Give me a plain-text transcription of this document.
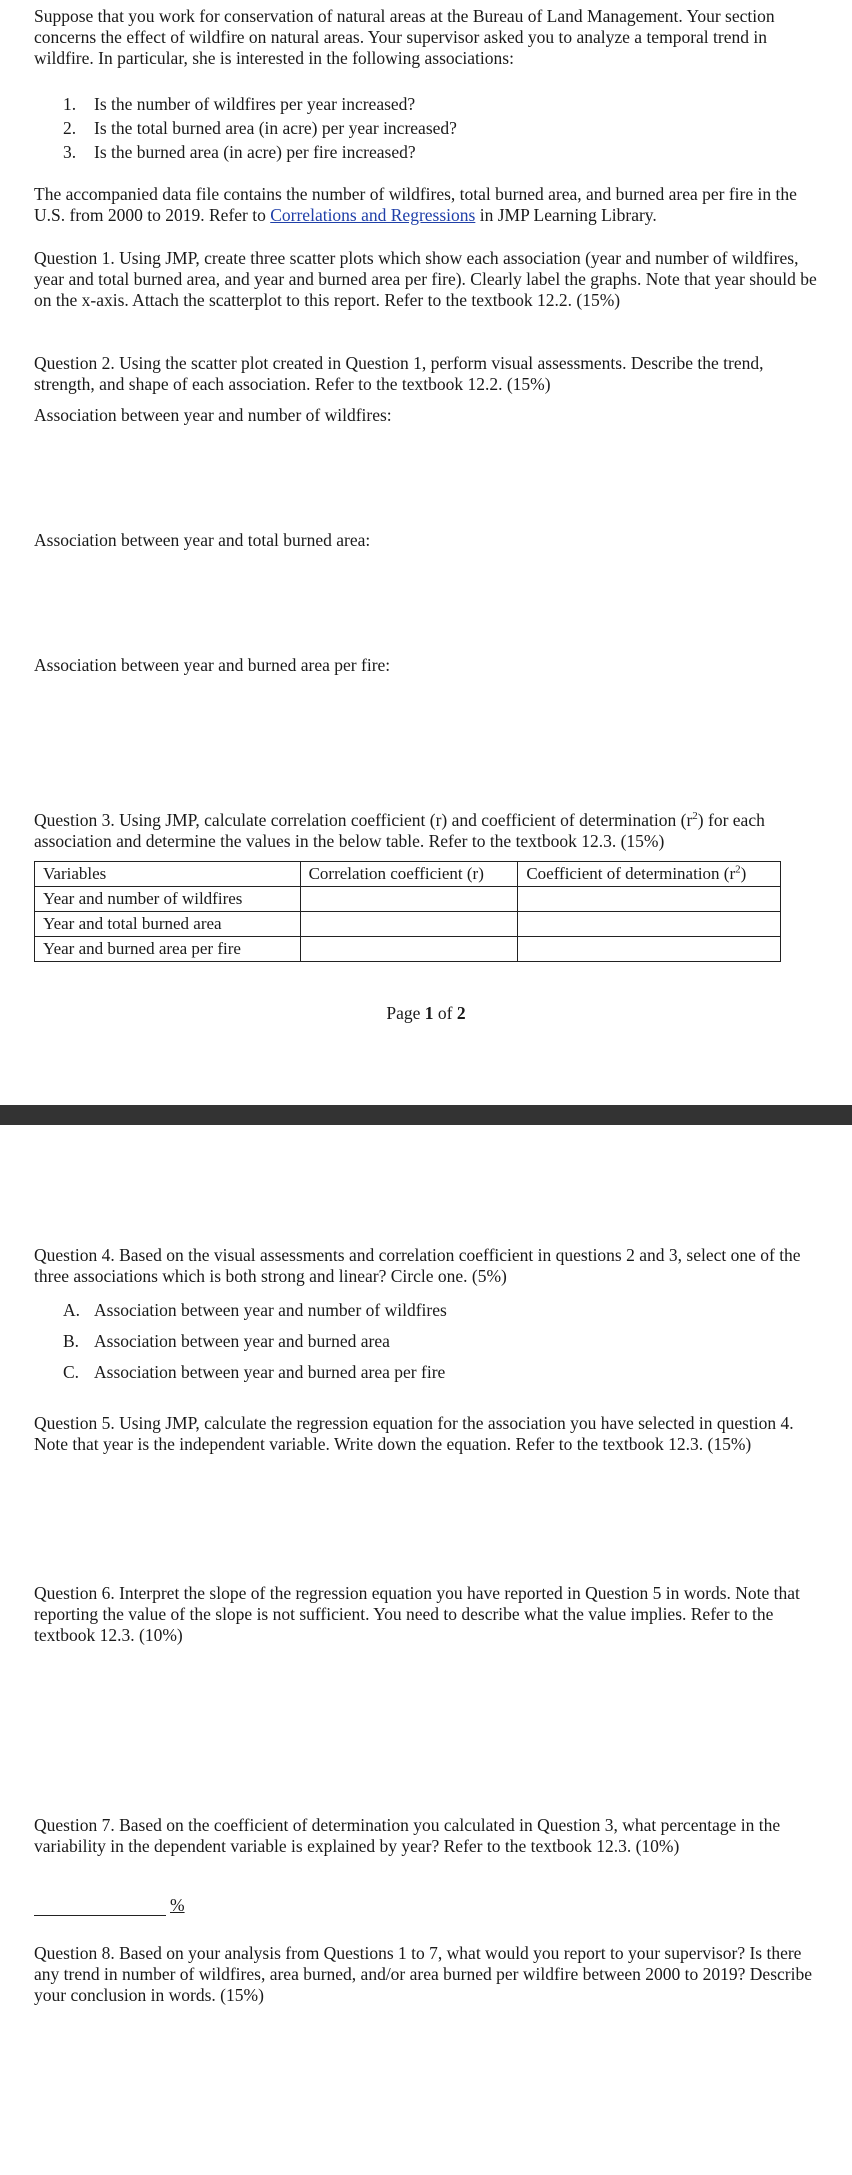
Suppose that you work for conservation of natural areas at the Bureau of Land Management. Your section concerns the effect of wildfire on natural areas. Your supervisor asked you to analyze a temporal trend in wildfire. In particular, she is interested in the following associations:

1. Is the number of wildfires per year increased?
2. Is the total burned area (in acre) per year increased?
3. Is the burned area (in acre) per fire increased?

The accompanied data file contains the number of wildfires, total burned area, and burned area per fire in the U.S. from 2000 to 2019. Refer to Correlations and Regressions in JMP Learning Library.

Question 1. Using JMP, create three scatter plots which show each association (year and number of wildfires, year and total burned area, and year and burned area per fire). Clearly label the graphs. Note that year should be on the x-axis. Attach the scatterplot to this report. Refer to the textbook 12.2. (15%)

Question 2. Using the scatter plot created in Question 1, perform visual assessments. Describe the trend, strength, and shape of each association. Refer to the textbook 12.2. (15%)

Association between year and number of wildfires:

Association between year and total burned area:

Association between year and burned area per fire:

Question 3. Using JMP, calculate correlation coefficient (r) and coefficient of determination $(r^2)$ for each association and determine the values in the below table. Refer to the textbook 12.3. (15%)

Variables	Correlation coefficient (r)	Coefficient of determination $(r^2)$
Year and number of wildfires		
Year and total burned area		
Year and burned area per fire		
Page 1 of 2

Question 4. Based on the visual assessments and correlation coefficient in questions 2 and 3, select one of the three associations which is both strong and linear? Circle one. (5%)

A. Association between year and number of wildfires
B. Association between year and burned area
C. Association between year and burned area per fire

Question 5. Using JMP, calculate the regression equation for the association you have selected in question 4. Note that year is the independent variable. Write down the equation. Refer to the textbook 12.3. (15%)

Question 6. Interpret the slope of the regression equation you have reported in Question 5 in words. Note that reporting the value of the slope is not sufficient. You need to describe what the value implies. Refer to the textbook 12.3. (10%)

Question 7. Based on the coefficient of determination you calculated in Question 3, what percentage in the variability in the dependent variable is explained by year? Refer to the textbook 12.3. (10%)

%

Question 8. Based on your analysis from Questions 1 to 7, what would you report to your supervisor? Is there any trend in number of wildfires, area burned, and/or area burned per wildfire between 2000 to 2019? Describe your conclusion in words. (15%)
